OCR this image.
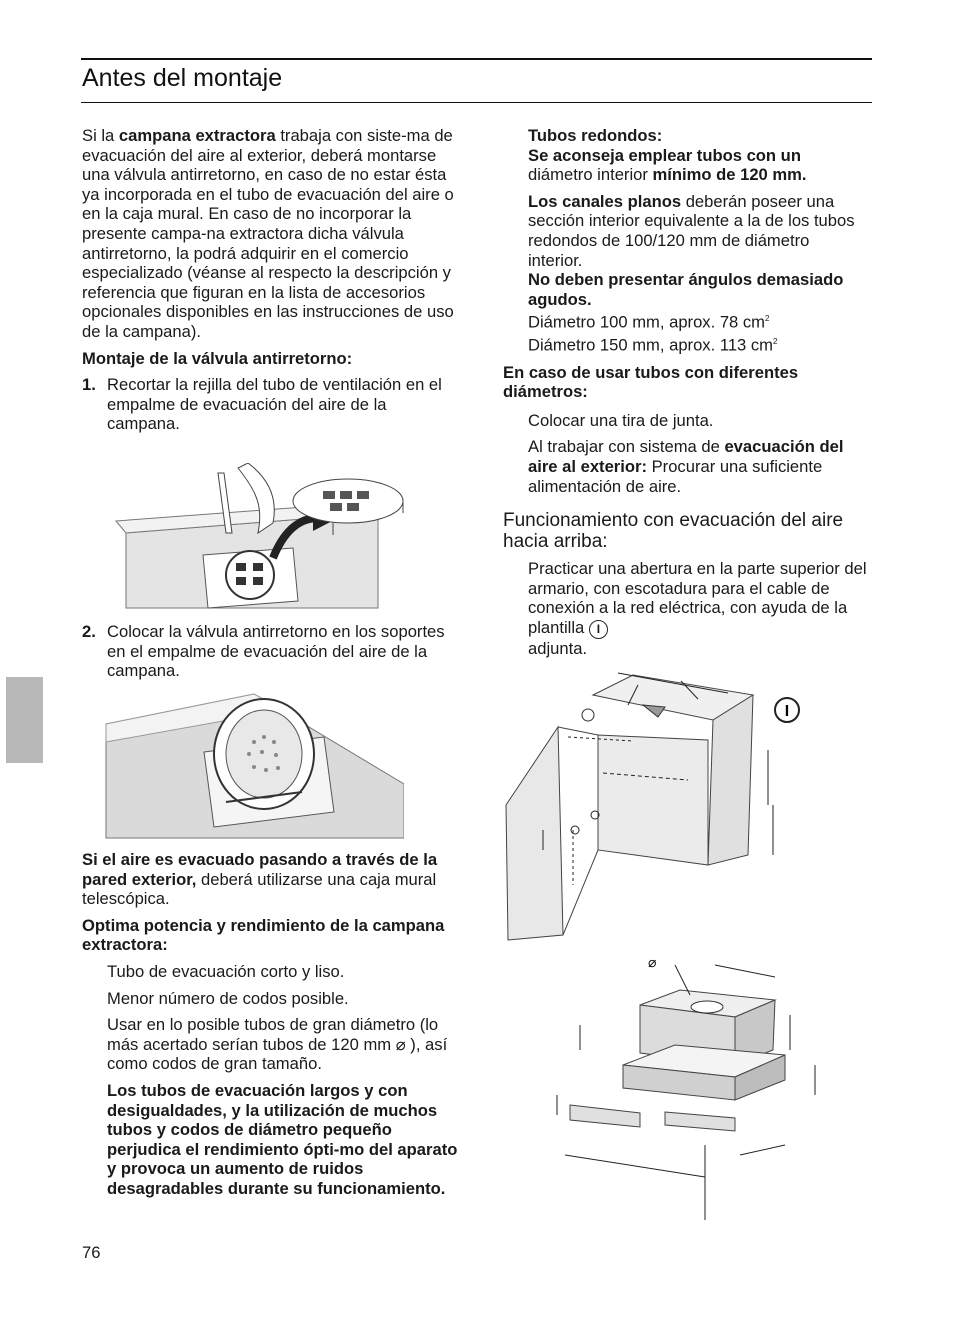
Antes del montaje

Si la campana extractora trabaja con siste-ma de evacuación del aire al exterior, deberá montarse una válvula antirretorno, en caso de no estar ésta ya incorporada en el tubo de evacuación del aire o en la caja mural. En caso de no incorporar la presente campa-na extractora dicha válvula antirretorno, la podrá adquirir en el comercio especializado (véanse al respecto la descripción y referencia que figuran en la lista de accesorios opcionales disponibles en las instrucciones de uso de la campana).

Montaje de la válvula antirretorno:

1. Recortar la rejilla del tubo de ventilación en el empalme de evacuación del aire de la campana.
2. Colocar la válvula antirretorno en los soportes en el empalme de evacuación del aire de la campana.

Si el aire es evacuado pasando a través de la pared exterior, deberá utilizarse una caja mural telescópica.

Optima potencia y rendimiento de la campana extractora:

Tubo de evacuación corto y liso.

Menor número de codos posible.

Usar en lo posible tubos de gran diámetro (lo más acertado serían tubos de 120 mm ⌀ ), así como codos de gran tamaño.

Los tubos de evacuación largos y con desigualdades, y la utilización de muchos tubos y codos de diámetro pequeño perjudica el rendimiento ópti-mo del aparato y provoca un aumento de ruidos desagradables durante su funcionamiento.

76

Tubos redondos:
Se aconseja emplear tubos con un
diámetro interior mínimo de 120 mm.

Los canales planos deberán poseer una sección interior equivalente a la de los tubos redondos de 100/120 mm de diámetro interior.

No deben presentar ángulos demasiado agudos.

Diámetro 100 mm, aprox. 78 $cm^2$
Diámetro 150 mm, aprox. 113 $cm^2$

En caso de usar tubos con diferentes diámetros:

Colocar una tira de junta.

Al trabajar con sistema de evacuación del aire al exterior: Procurar una suficiente alimentación de aire.

Funcionamiento con evacuación del aire hacia arriba:

Practicar una abertura en la parte superior del armario, con escotadura para el cable de conexión a la red eléctrica, con ayuda de la plantilla I
adjunta.

I
⌀
